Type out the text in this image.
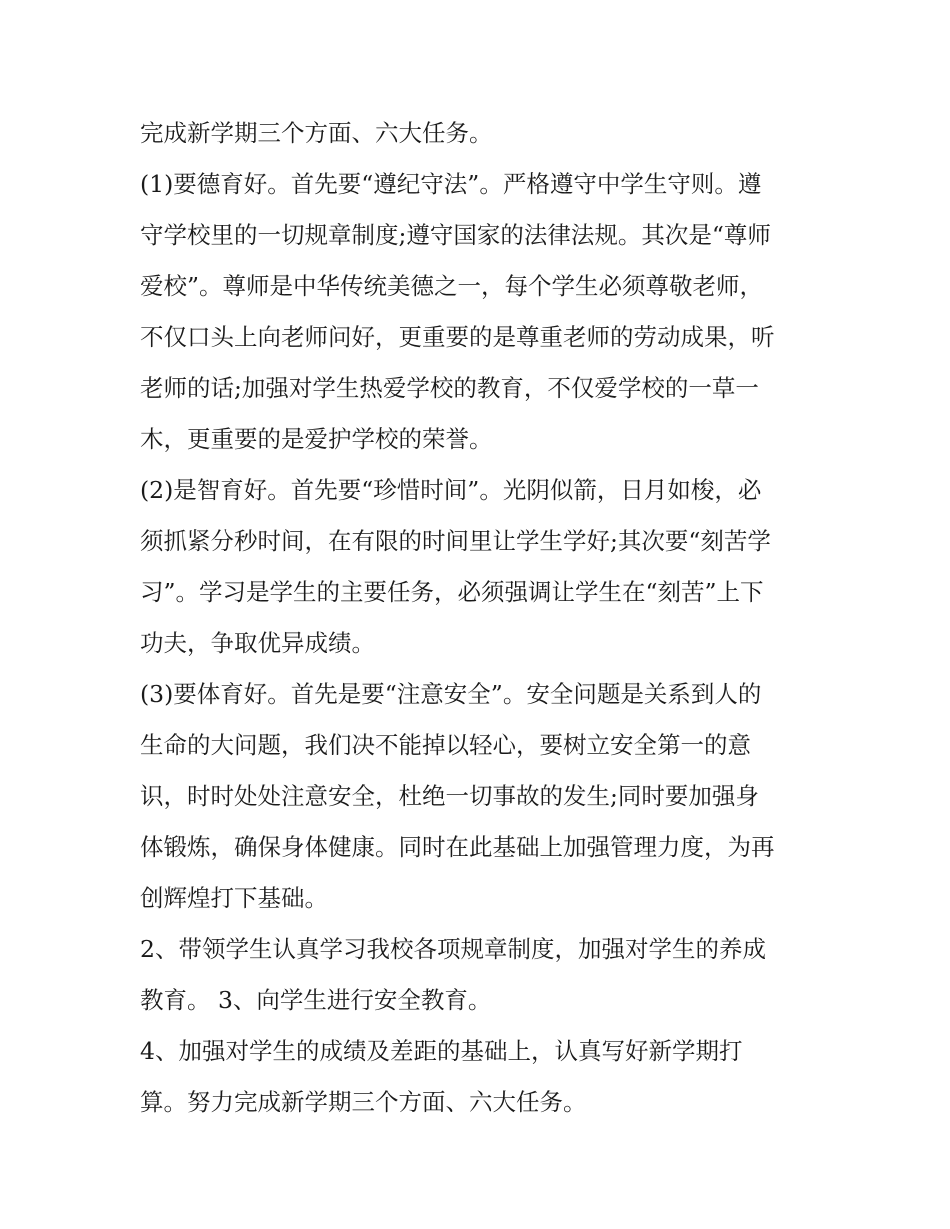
完成新学期三个方面、六大任务。
(1)要德育好。首先要“遵纪守法”。严格遵守中学生守则。遵
守学校里的一切规章制度;遵守国家的法律法规。其次是“尊师
爱校”。尊师是中华传统美德之一，每个学生必须尊敬老师，
不仅口头上向老师问好，更重要的是尊重老师的劳动成果，听
老师的话;加强对学生热爱学校的教育，不仅爱学校的一草一
木，更重要的是爱护学校的荣誉。
(2)是智育好。首先要“珍惜时间”。光阴似箭，日月如梭，必
须抓紧分秒时间，在有限的时间里让学生学好;其次要“刻苦学
习”。学习是学生的主要任务，必须强调让学生在“刻苦”上下
功夫，争取优异成绩。
(3)要体育好。首先是要“注意安全”。安全问题是关系到人的
生命的大问题，我们决不能掉以轻心，要树立安全第一的意
识，时时处处注意安全，杜绝一切事故的发生;同时要加强身
体锻炼，确保身体健康。同时在此基础上加强管理力度，为再
创辉煌打下基础。
2、带领学生认真学习我校各项规章制度，加强对学生的养成
教育。 3、向学生进行安全教育。
4、加强对学生的成绩及差距的基础上，认真写好新学期打
算。努力完成新学期三个方面、六大任务。
